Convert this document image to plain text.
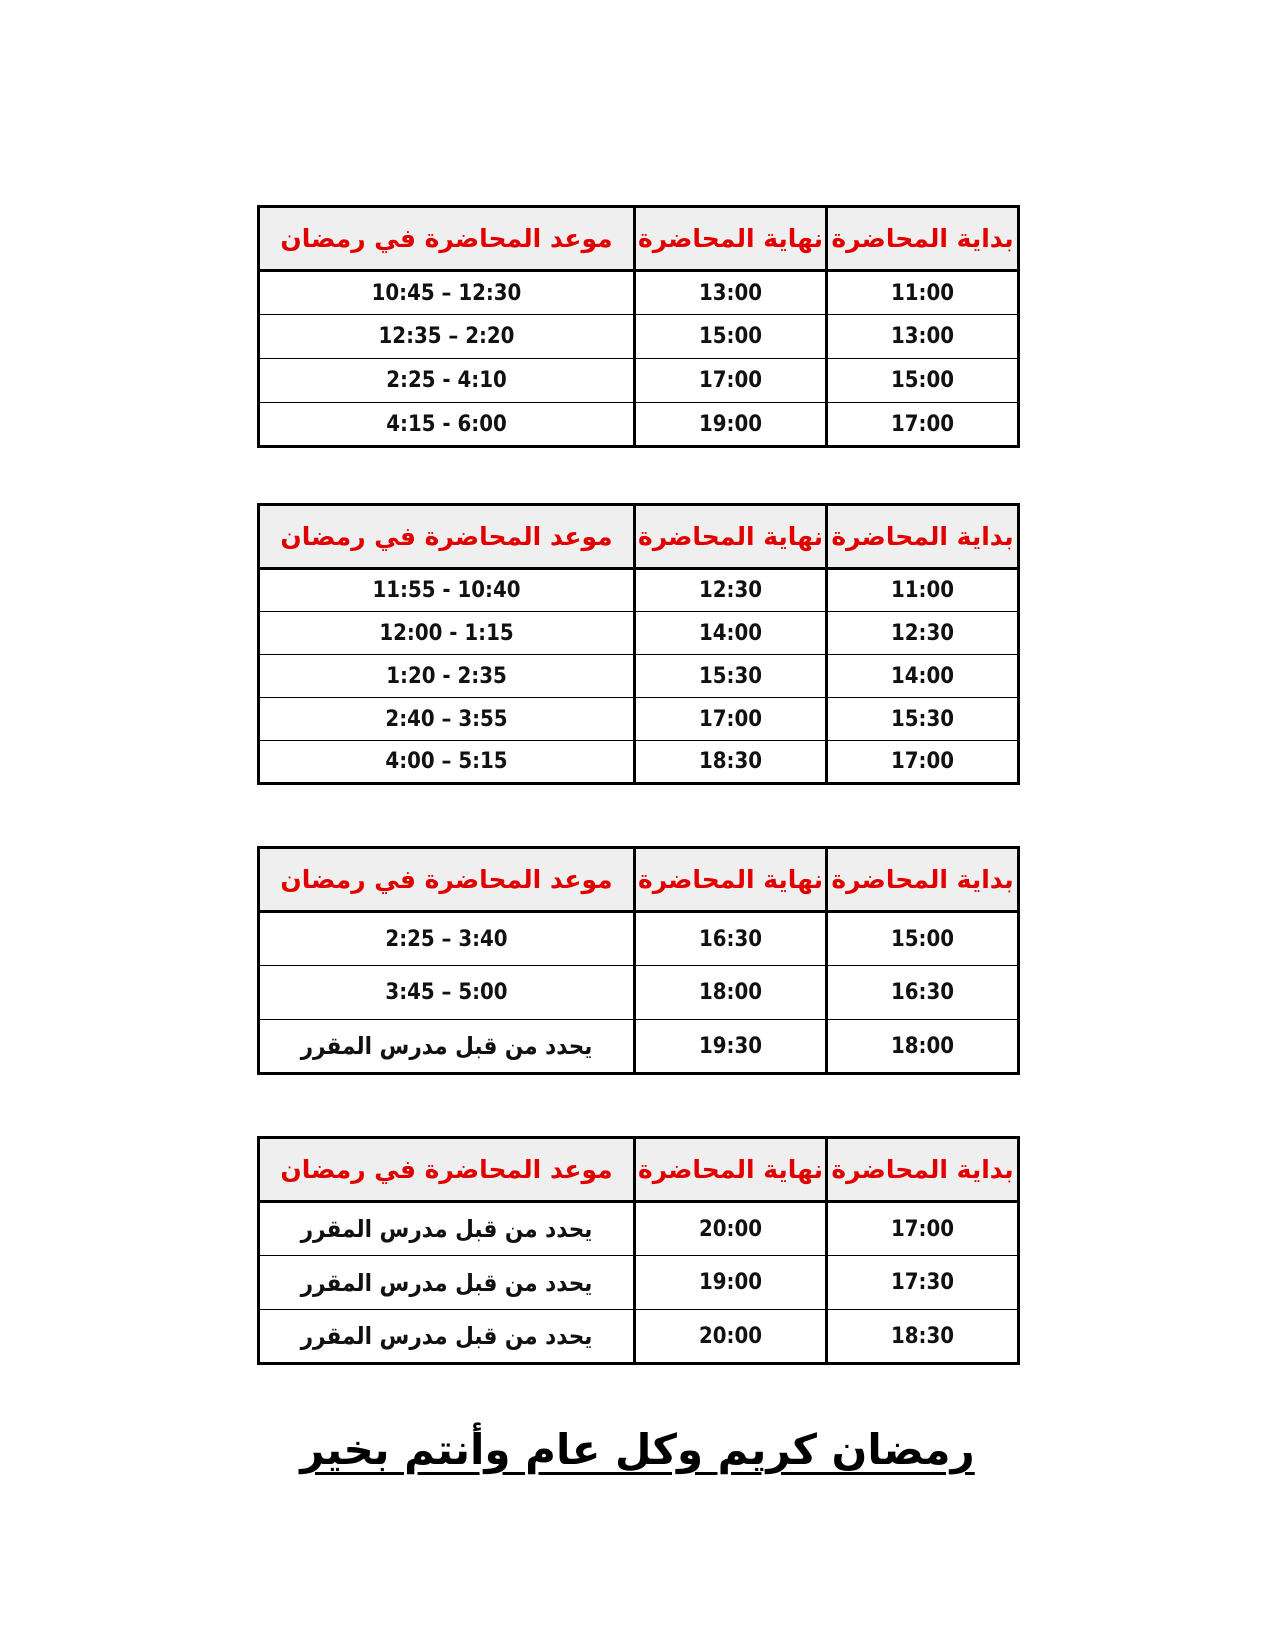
بداية المحاضرة	نهاية المحاضرة	موعد المحاضرة في رمضان
11:00	13:00	12:30 – 10:45
13:00	15:00	2:20 – 12:35
15:00	17:00	4:10 - 2:25
17:00	19:00	6:00 - 4:15
بداية المحاضرة	نهاية المحاضرة	موعد المحاضرة في رمضان
11:00	12:30	10:40 - 11:55
12:30	14:00	1:15 - 12:00
14:00	15:30	2:35 - 1:20
15:30	17:00	3:55 – 2:40
17:00	18:30	5:15 – 4:00
بداية المحاضرة	نهاية المحاضرة	موعد المحاضرة في رمضان
15:00	16:30	3:40 – 2:25
16:30	18:00	5:00 – 3:45
18:00	19:30	يحدد من قبل مدرس المقرر
بداية المحاضرة	نهاية المحاضرة	موعد المحاضرة في رمضان
17:00	20:00	يحدد من قبل مدرس المقرر
17:30	19:00	يحدد من قبل مدرس المقرر
18:30	20:00	يحدد من قبل مدرس المقرر
رمضان كريم وكل عام وأنتم بخير
